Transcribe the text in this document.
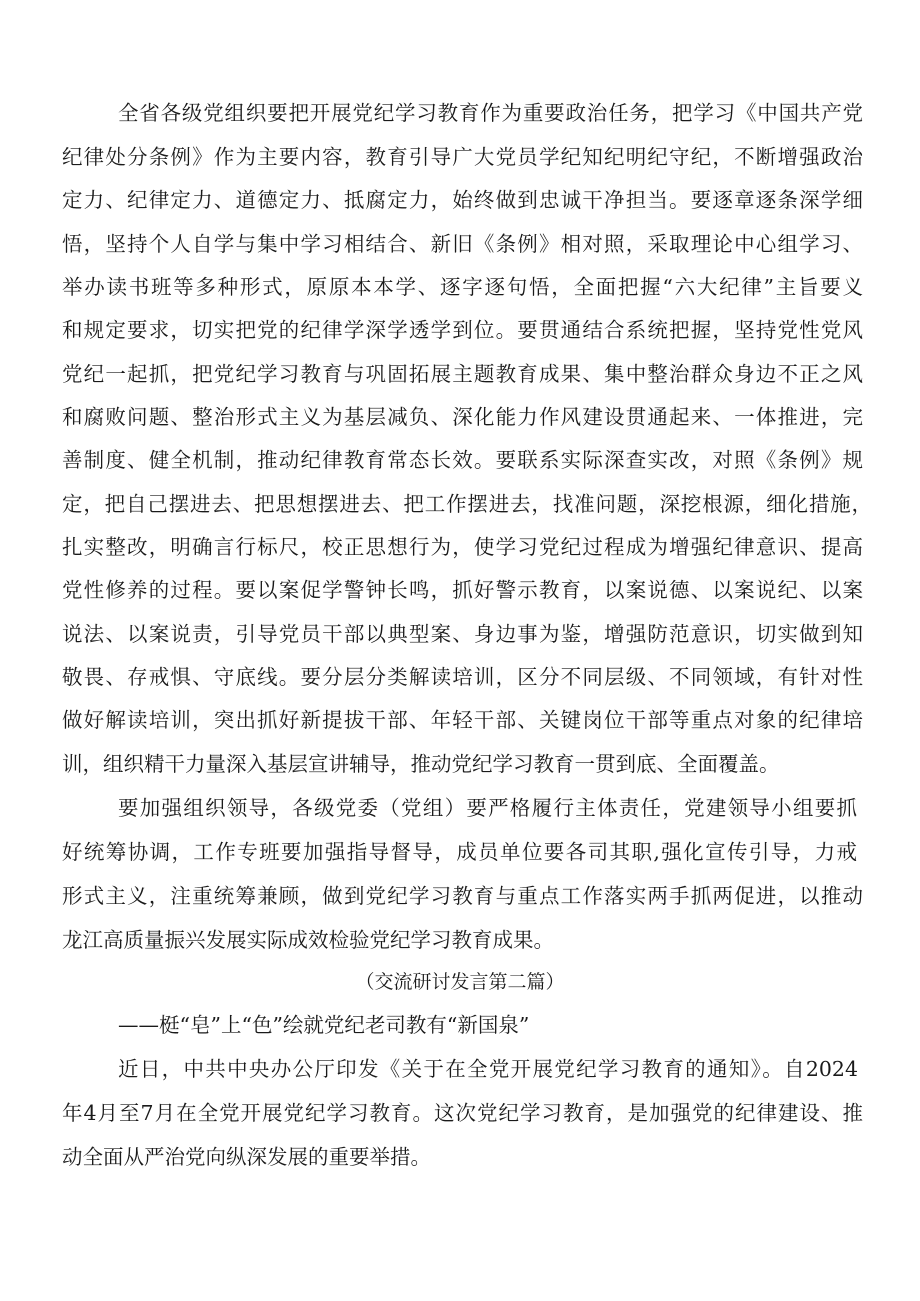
全省各级党组织要把开展党纪学习教育作为重要政治任务，把学习《中国共产党
纪律处分条例》作为主要内容，教育引导广大党员学纪知纪明纪守纪，不断增强政治
定力、纪律定力、道德定力、抵腐定力，始终做到忠诚干净担当。要逐章逐条深学细
悟，坚持个人自学与集中学习相结合、新旧《条例》相对照，采取理论中心组学习、
举办读书班等多种形式，原原本本学、逐字逐句悟，全面把握“六大纪律”主旨要义
和规定要求，切实把党的纪律学深学透学到位。要贯通结合系统把握，坚持党性党风
党纪一起抓，把党纪学习教育与巩固拓展主题教育成果、集中整治群众身边不正之风
和腐败问题、整治形式主义为基层减负、深化能力作风建设贯通起来、一体推进，完
善制度、健全机制，推动纪律教育常态长效。要联系实际深查实改，对照《条例》规
定，把自己摆进去、把思想摆进去、把工作摆进去，找准问题，深挖根源，细化措施，
扎实整改，明确言行标尺，校正思想行为，使学习党纪过程成为增强纪律意识、提高
党性修养的过程。要以案促学警钟长鸣，抓好警示教育，以案说德、以案说纪、以案
说法、以案说责，引导党员干部以典型案、身边事为鉴，增强防范意识，切实做到知
敬畏、存戒惧、守底线。要分层分类解读培训，区分不同层级、不同领域，有针对性
做好解读培训，突出抓好新提拔干部、年轻干部、关键岗位干部等重点对象的纪律培
训，组织精干力量深入基层宣讲辅导，推动党纪学习教育一贯到底、全面覆盖。
要加强组织领导，各级党委（党组）要严格履行主体责任，党建领导小组要抓
好统筹协调，工作专班要加强指导督导，成员单位要各司其职,强化宣传引导，力戒
形式主义，注重统筹兼顾，做到党纪学习教育与重点工作落实两手抓两促进，以推动
龙江高质量振兴发展实际成效检验党纪学习教育成果。
（交流研讨发言第二篇）
——梃“皂”上“色”绘就党纪老司教有“新国泉”
近日，中共中央办公厅印发《关于在全党开展党纪学习教育的通知》。自2024
年4月至7月在全党开展党纪学习教育。这次党纪学习教育，是加强党的纪律建设、推
动全面从严治党向纵深发展的重要举措。
